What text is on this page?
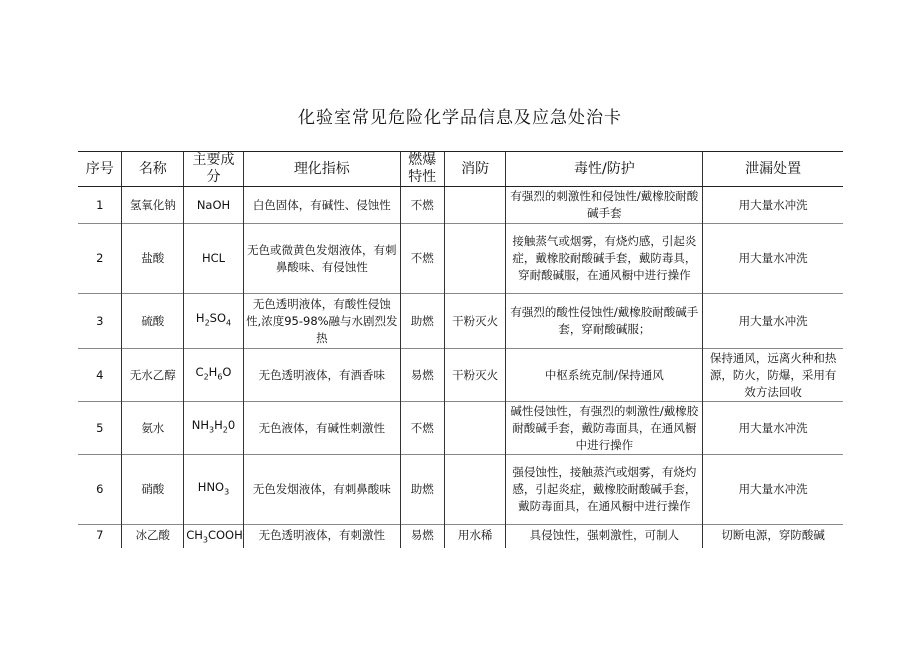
化验室常见危险化学品信息及应急处治卡
序号	名称	主要成分	理化指标	燃爆特性	消防	毒性/防护	泄漏处置
1	氢氧化钠	NaOH	白色固体，有碱性、侵蚀性	不燃		有强烈的刺激性和侵蚀性/戴橡胶耐酸碱手套	用大量水冲洗
2	盐酸	HCL	无色或微黄色发烟液体，有刺鼻酸味、有侵蚀性	不燃		接触蒸气或烟雾，有烧灼感，引起炎症，戴橡胶耐酸碱手套，戴防毒具，穿耐酸碱服，在通风橱中进行操作	用大量水冲洗
3	硫酸	$H_2SO_4$	无色透明液体，有酸性侵蚀性,浓度95-98%融与水剧烈发热	助燃	干粉灭火	有强烈的酸性侵蚀性/戴橡胶耐酸碱手套，穿耐酸碱服；	用大量水冲洗
4	无水乙醇	$C_2H_6O$	无色透明液体，有酒香味	易燃	干粉灭火	中枢系统克制/保持通风	保持通风，远离火种和热源，防火，防爆，采用有效方法回收
5	氨水	$NH_3H_20$	无色液体，有碱性刺激性	不燃		碱性侵蚀性，有强烈的刺激性/戴橡胶耐酸碱手套，戴防毒面具，在通风橱中进行操作	用大量水冲洗
6	硝酸	$HNO_3$	无色发烟液体，有刺鼻酸味	助燃		强侵蚀性，接触蒸汽或烟雾，有烧灼感，引起炎症，戴橡胶耐酸碱手套，戴防毒面具，在通风橱中进行操作	用大量水冲洗
7	冰乙酸	$CH_3COOH$	无色透明液体，有刺激性	易燃	用水稀	具侵蚀性，强刺激性，可制人	切断电源，穿防酸碱
